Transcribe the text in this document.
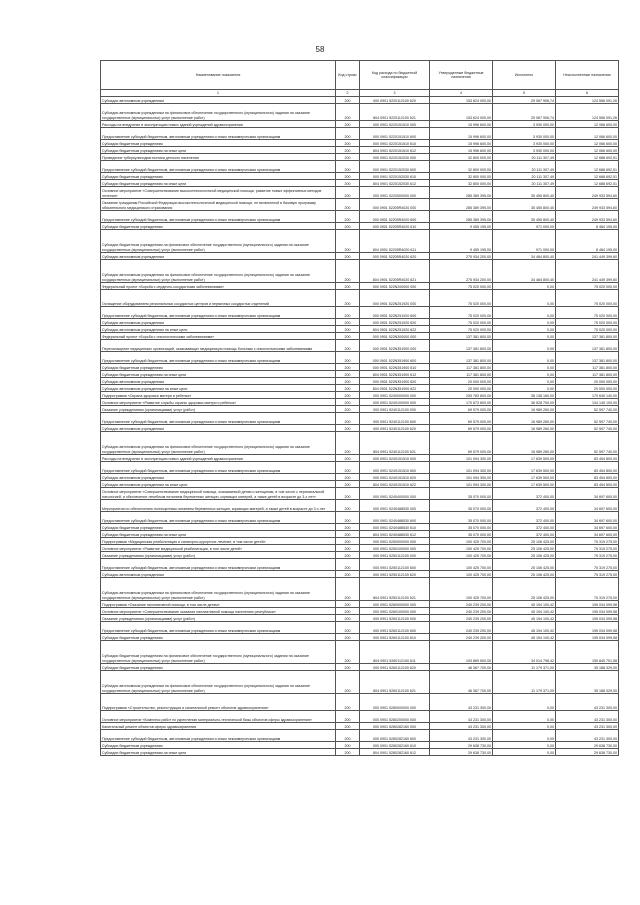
58
Наименование показателя	Код строки	Код расхода по бюджетной классификации	Утвержденные бюджетные назначения	Исполнено	Неисполненные назначения
1	2	3	4	5	6
Субсидии автономным учреждениям	200	000 0901 5220112100 620	153 624 000,00	29 067 906,74	124 556 091,26
Субсидии автономным учреждениям на финансовое обеспечение государственного (муниципального) задания на оказание государственных (муниципальных) услуг (выполнение работ)	200	804 0901 5220112100 621	153 624 000,00	29 067 906,74	124 556 091,26
Расходы на внедрение в эксплуатацию новых зданий учреждений здравоохранения	200	000 0901 5220151510 000	15 996 600,00	3 930 000,00	12 066 600,00
Предоставление субсидий бюджетным, автономным учреждениям и иным некоммерческим организациям	200	000 0901 5220151510 600	15 996 600,00	3 930 000,00	12 066 600,00
Субсидии бюджетным учреждениям	200	000 0901 5220151510 610	15 996 600,00	3 930 000,00	12 066 600,00
Субсидии бюджетным учреждениям на иные цели	200	804 0901 5220151510 612	15 996 600,00	3 930 000,00	12 066 600,00
Проведение туберкулинодиагностики детского населения	200	000 0901 5220152030 000	32 800 000,00	20 111 307,49	12 688 692,51
Предоставление субсидий бюджетным, автономным учреждениям и иным некоммерческим организациям	200	000 0901 5220152030 600	32 800 000,00	20 111 307,49	12 688 692,51
Субсидии бюджетным учреждениям	200	000 0901 5220152030 610	32 800 000,00	20 111 307,49	12 688 692,51
Субсидии бюджетным учреждениям на иные цели	200	804 0901 5220152030 612	32 800 000,00	20 111 307,49	12 688 692,51
Основное мероприятие «Совершенствование высокотехнологичной медицинской помощи, развитие новых эффективных методов лечения»	200	000 0901 5220500000 000	285 389 395,00	35 455 800,40	249 933 594,60
Оказание гражданам Российской Федерации высокотехнологичной медицинской помощи, не включенной в базовую программу обязательного медицинского страхования	200	000 0901 52205R4020 000	285 389 395,00	35 455 800,40	249 933 594,60
Предоставление субсидий бюджетным, автономным учреждениям и иным некоммерческим организациям	200	000 0901 52205R4020 600	285 389 395,00	35 455 800,40	249 933 594,60
Субсидии бюджетным учреждениям	200	000 0901 52205R4020 610	9 455 195,00	971 000,00	8 484 195,00
Субсидии бюджетным учреждениям на финансовое обеспечение государственного (муниципального) задания на оказание государственных (муниципальных) услуг (выполнение работ)	200	804 0901 52205R4020 611	9 455 195,00	971 000,00	8 484 195,00
Субсидии автономным учреждениям	200	000 0901 52205R4020 620	275 934 200,00	34 484 800,40	241 449 399,60
Субсидии автономным учреждениям на финансовое обеспечение государственного (муниципального) задания на оказание государственных (муниципальных) услуг (выполнение работ)	200	804 0901 52205R4020 621	275 934 200,00	34 484 800,40	241 449 399,60
Федеральный проект «Борьба с сердечно-сосудистыми заболеваниями»	200	000 0901 522N200000 000	75 020 000,00	0,00	75 020 000,00
Оснащение оборудованием региональных сосудистых центров и первичных сосудистых отделений	200	000 0901 522N251920 000	75 020 000,00	0,00	75 020 000,00
Предоставление субсидий бюджетным, автономным учреждениям и иным некоммерческим организациям	200	000 0901 522N251920 600	75 020 000,00	0,00	75 020 000,00
Субсидии автономным учреждениям	200	000 0901 522N251920 620	75 020 000,00	0,00	75 020 000,00
Субсидии автономным учреждениям на иные цели	200	804 0901 522N251920 622	75 020 000,00	0,00	75 020 000,00
Федеральный проект «Борьба с онкологическими заболеваниями»	200	000 0901 522N300000 000	137 381 800,00	0,00	137 381 800,00
Переоснащение медицинских организаций, оказывающих медицинскую помощь больным с онкологическими заболеваниями	200	000 0901 522N351900 000	137 381 800,00	0,00	137 381 800,00
Предоставление субсидий бюджетным, автономным учреждениям и иным некоммерческим организациям	200	000 0901 522N351900 600	137 381 800,00	0,00	137 381 800,00
Субсидии бюджетным учреждениям	200	000 0901 522N351900 610	117 381 800,00	0,00	117 381 800,00
Субсидии бюджетным учреждениям на иные цели	200	804 0901 522N351900 612	117 381 800,00	0,00	117 381 800,00
Субсидии автономным учреждениям	200	000 0901 522N351900 620	20 000 000,00	0,00	20 000 000,00
Субсидии автономным учреждениям на иные цели	200	804 0901 522N351900 622	20 000 000,00	0,00	20 000 000,00
Подпрограмма «Охрана здоровья матери и ребенка»	200	000 0901 5240000000 000	205 783 800,00	36 138 160,00	170 645 140,00
Основное мероприятие «Развитие службы охраны здоровья матери и ребенка»	200	000 0901 5240100000 000	170 673 800,00	36 528 700,00	134 145 100,00
Оказание учреждениями (организациями) услуг (работ)	200	000 0901 5240112100 000	69 579 000,00	16 989 260,00	52 597 740,00
Предоставление субсидий бюджетным, автономным учреждениям и иным некоммерческим организациям	200	000 0901 5240112100 600	69 579 000,00	16 989 260,00	52 597 740,00
Субсидии автономным учреждениям	200	000 0901 5240112100 620	69 579 000,00	16 989 260,00	52 597 740,00
Субсидии автономным учреждениям на финансовое обеспечение государственного (муниципального) задания на оказание государственных (муниципальных) услуг (выполнение работ)	200	804 0901 5240112100 621	69 579 000,00	16 989 260,00	52 597 740,00
Расходы на внедрение в эксплуатацию новых зданий учреждений здравоохранения	200	000 0901 5240151510 000	101 094 300,00	17 639 500,00	83 454 800,00
Предоставление субсидий бюджетным, автономным учреждениям и иным некоммерческим организациям	200	000 0901 5240151510 600	101 094 300,00	17 639 500,00	83 454 800,00
Субсидии автономным учреждениям	200	000 0901 5240151510 620	101 094 300,00	17 639 500,00	83 454 800,00
Субсидии автономным учреждениям на иные цели	200	804 0901 5240151510 622	101 094 300,00	17 639 500,00	83 454 800,00
Основное мероприятие «Совершенствование медицинской помощи, оказываемой детям и женщинам, в том числе с перинатальной патологией, и обеспечение лечебным питанием беременных женщин, кормящих матерей, а также детей в возрасте до 3-х лет»	200	000 0901 5240400000 000	35 070 000,00	372 400,00	34 697 600,00
Мероприятия по обеспечению полноценным питанием беременных женщин, кормящих матерей, а также детей в возрасте до 3-х лет	200	000 0901 5240488530 000	35 070 000,00	372 400,00	34 697 600,00
Предоставление субсидий бюджетным, автономным учреждениям и иным некоммерческим организациям	200	000 0901 5240488530 600	35 070 000,00	372 400,00	34 697 600,00
Субсидии бюджетным учреждениям	200	000 0901 5240488530 610	35 070 000,00	372 400,00	34 697 600,00
Субсидии бюджетным учреждениям на иные цели	200	804 0901 5240488530 612	35 070 000,00	372 400,00	34 697 600,00
Подпрограмма «Медицинская реабилитация и санаторно-курортное лечение, в том числе детей»	200	000 0901 5250000000 000	100 425 700,00	25 106 425,00	75 319 275,00
Основное мероприятие «Развитие медицинской реабилитации, в том числе детей»	200	000 0901 5250100000 000	100 425 700,00	25 106 425,00	75 319 275,00
Оказание учреждениями (организациями) услуг (работ)	200	000 0901 5250112100 000	100 425 700,00	25 106 425,00	75 319 275,00
Предоставление субсидий бюджетным, автономным учреждениям и иным некоммерческим организациям	200	000 0901 5250112100 600	100 425 700,00	25 106 425,00	75 319 275,00
Субсидии автономным учреждениям	200	000 0901 5250112100 620	100 425 700,00	25 106 425,00	75 319 275,00
Субсидии автономным учреждениям на финансовое обеспечение государственного (муниципального) задания на оказание государственных (муниципальных) услуг (выполнение работ)	200	804 0901 5250112100 621	100 425 700,00	25 106 425,00	75 319 275,00
Подпрограмма «Оказание паллиативной помощи, в том числе детям»	200	000 0901 5260000000 000	240 239 200,00	45 194 100,42	195 034 099,58
Основное мероприятие «Совершенствование оказания паллиативной помощи населению республики»	200	000 0901 5260100000 000	240 239 200,00	45 194 100,42	195 034 099,58
Оказание учреждениями (организациями) услуг (работ)	200	000 0901 5260112100 000	240 239 200,00	45 194 100,42	195 034 099,58
Предоставление субсидий бюджетным, автономным учреждениям и иным некоммерческим организациям	200	000 0901 5260112100 600	240 239 200,00	45 194 100,42	195 034 099,58
Субсидии бюджетным учреждениям	200	000 0901 5260112100 610	240 239 200,00	45 194 100,42	195 034 099,58
Субсидии бюджетным учреждениям на финансовое обеспечение государственного (муниципального) задания на оказание государственных (муниципальных) услуг (выполнение работ)	200	804 0901 5260112100 611	193 869 500,00	34 014 798,42	159 845 701,58
Субсидии бюджетным учреждениям	200	000 0901 5260112100 620	46 367 700,00	11 179 371,00	35 188 329,00
Субсидии автономным учреждениям на финансовое обеспечение государственного (муниципального) задания на оказание государственных (муниципальных) услуг (выполнение работ)	200	804 0901 5260112100 621	46 367 700,00	11 179 371,00	35 188 329,00
Подпрограмма «Строительство, реконструкция и капитальный ремонт объектов здравоохранения»	200	000 0901 5280000000 000	43 231 300,00	0,00	43 231 300,00
Основное мероприятие «Комплекс работ по укреплению материально-технической базы объектов сферы здравоохранения»	200	000 0901 5280200000 000	43 231 300,00	0,00	43 231 300,00
Капитальный ремонт объектов сферы здравоохранения	200	000 0901 5280282160 000	43 231 300,00	0,00	43 231 300,00
Предоставление субсидий бюджетным, автономным учреждениям и иным некоммерческим организациям	200	000 0901 5280282160 600	43 231 300,00	0,00	43 231 300,00
Субсидии бюджетным учреждениям	200	000 0901 5280282160 610	29 638 730,00	0,00	29 638 730,00
Субсидии бюджетным учреждениям на иные цели	200	804 0901 5280282160 612	29 638 730,00	0,00	29 638 730,00
